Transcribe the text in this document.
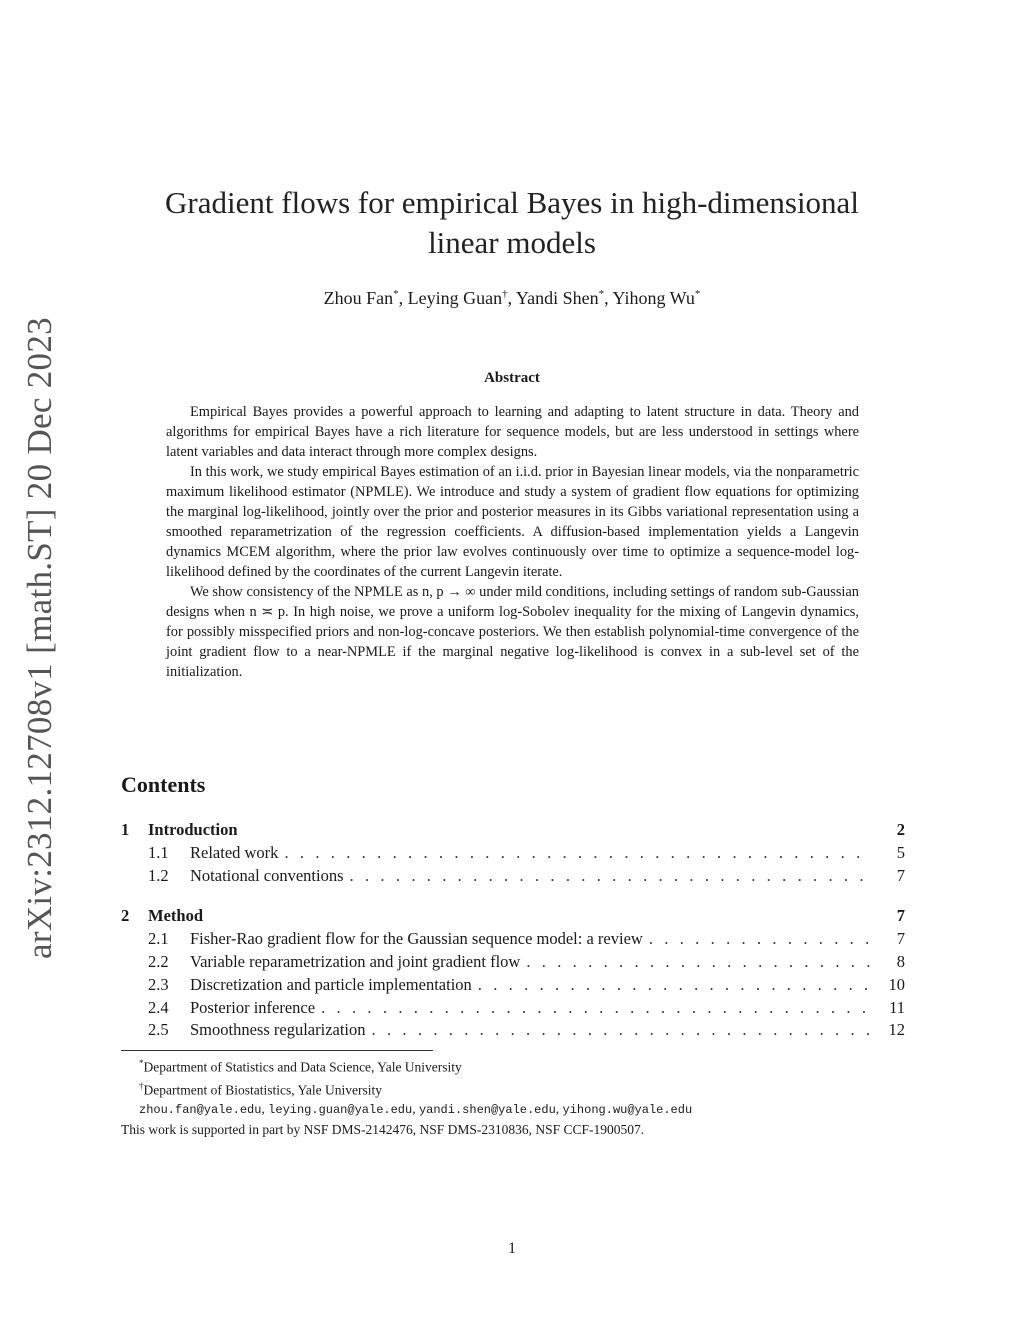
arXiv:2312.12708v1 [math.ST] 20 Dec 2023
Gradient flows for empirical Bayes in high-dimensional linear models
Zhou Fan*, Leying Guan†, Yandi Shen*, Yihong Wu*
Abstract

Empirical Bayes provides a powerful approach to learning and adapting to latent structure in data. Theory and algorithms for empirical Bayes have a rich literature for sequence models, but are less understood in settings where latent variables and data interact through more complex designs.

In this work, we study empirical Bayes estimation of an i.i.d. prior in Bayesian linear models, via the nonparametric maximum likelihood estimator (NPMLE). We introduce and study a system of gradient flow equations for optimizing the marginal log-likelihood, jointly over the prior and posterior measures in its Gibbs variational representation using a smoothed reparametrization of the regression coefficients. A diffusion-based implementation yields a Langevin dynamics MCEM algorithm, where the prior law evolves continuously over time to optimize a sequence-model log-likelihood defined by the coordinates of the current Langevin iterate.

We show consistency of the NPMLE as n, p → ∞ under mild conditions, including settings of random sub-Gaussian designs when n ≍ p. In high noise, we prove a uniform log-Sobolev inequality for the mixing of Langevin dynamics, for possibly misspecified priors and non-log-concave posteriors. We then establish polynomial-time convergence of the joint gradient flow to a near-NPMLE if the marginal negative log-likelihood is convex in a sub-level set of the initialization.

Contents
1	Introduction	2
1.1	Related work . . .	5
1.2	Notational conventions . . .	7
2	Method	7
2.1	Fisher-Rao gradient flow for the Gaussian sequence model: a review . . .	7
2.2	Variable reparametrization and joint gradient flow . . .	8
2.3	Discretization and particle implementation . . .	10
2.4	Posterior inference . . .	11
2.5	Smoothness regularization . . .	12
*Department of Statistics and Data Science, Yale University
†Department of Biostatistics, Yale University
zhou.fan@yale.edu, leying.guan@yale.edu, yandi.shen@yale.edu, yihong.wu@yale.edu
This work is supported in part by NSF DMS-2142476, NSF DMS-2310836, NSF CCF-1900507.
1
